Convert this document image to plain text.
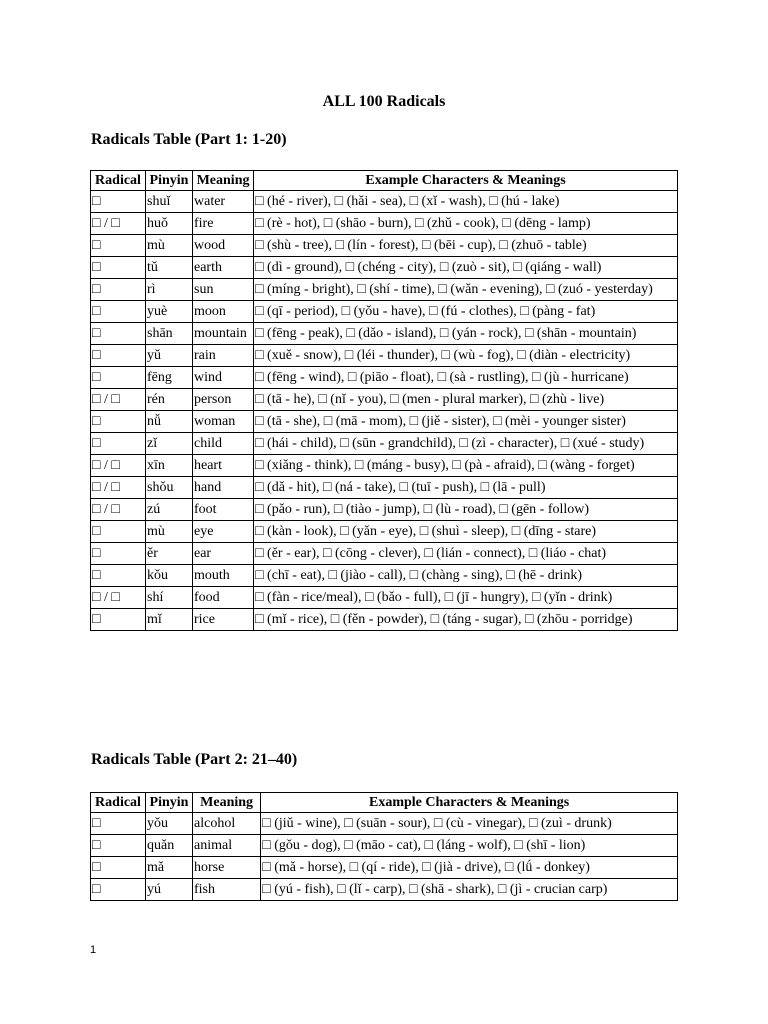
ALL 100 Radicals
Radicals Table (Part 1: 1-20)
Radical	Pinyin	Meaning	Example Characters & Meanings
□	shuǐ	water	□ (hé - river), □ (hǎi - sea), □ (xǐ - wash), □ (hú - lake)
□ / □	huǒ	fire	□ (rè - hot), □ (shāo - burn), □ (zhǔ - cook), □ (dēng - lamp)
□	mù	wood	□ (shù - tree), □ (lín - forest), □ (bēi - cup), □ (zhuō - table)
□	tǔ	earth	□ (dì - ground), □ (chéng - city), □ (zuò - sit), □ (qiáng - wall)
□	rì	sun	□ (míng - bright), □ (shí - time), □ (wǎn - evening), □ (zuó - yesterday)
□	yuè	moon	□ (qī - period), □ (yǒu - have), □ (fú - clothes), □ (pàng - fat)
□	shān	mountain	□ (fēng - peak), □ (dǎo - island), □ (yán - rock), □ (shān - mountain)
□	yǔ	rain	□ (xuě - snow), □ (léi - thunder), □ (wù - fog), □ (diàn - electricity)
□	fēng	wind	□ (fēng - wind), □ (piāo - float), □ (sà - rustling), □ (jù - hurricane)
□ / □	rén	person	□ (tā - he), □ (nǐ - you), □ (men - plural marker), □ (zhù - live)
□	nǚ	woman	□ (tā - she), □ (mā - mom), □ (jiě - sister), □ (mèi - younger sister)
□	zǐ	child	□ (hái - child), □ (sūn - grandchild), □ (zì - character), □ (xué - study)
□ / □	xīn	heart	□ (xiǎng - think), □ (máng - busy), □ (pà - afraid), □ (wàng - forget)
□ / □	shǒu	hand	□ (dǎ - hit), □ (ná - take), □ (tuī - push), □ (lā - pull)
□ / □	zú	foot	□ (pǎo - run), □ (tiào - jump), □ (lù - road), □ (gēn - follow)
□	mù	eye	□ (kàn - look), □ (yǎn - eye), □ (shuì - sleep), □ (dīng - stare)
□	ěr	ear	□ (ěr - ear), □ (cōng - clever), □ (lián - connect), □ (liáo - chat)
□	kǒu	mouth	□ (chī - eat), □ (jiào - call), □ (chàng - sing), □ (hē - drink)
□ / □	shí	food	□ (fàn - rice/meal), □ (bǎo - full), □ (jī - hungry), □ (yǐn - drink)
□	mǐ	rice	□ (mǐ - rice), □ (fěn - powder), □ (táng - sugar), □ (zhōu - porridge)
Radicals Table (Part 2: 21–40)
Radical	Pinyin	Meaning	Example Characters & Meanings
□	yǒu	alcohol	□ (jiǔ - wine), □ (suān - sour), □ (cù - vinegar), □ (zuì - drunk)
□	quǎn	animal	□ (gǒu - dog), □ (māo - cat), □ (láng - wolf), □ (shī - lion)
□	mǎ	horse	□ (mǎ - horse), □ (qí - ride), □ (jià - drive), □ (lǘ - donkey)
□	yú	fish	□ (yú - fish), □ (lǐ - carp), □ (shā - shark), □ (jì - crucian carp)
1
